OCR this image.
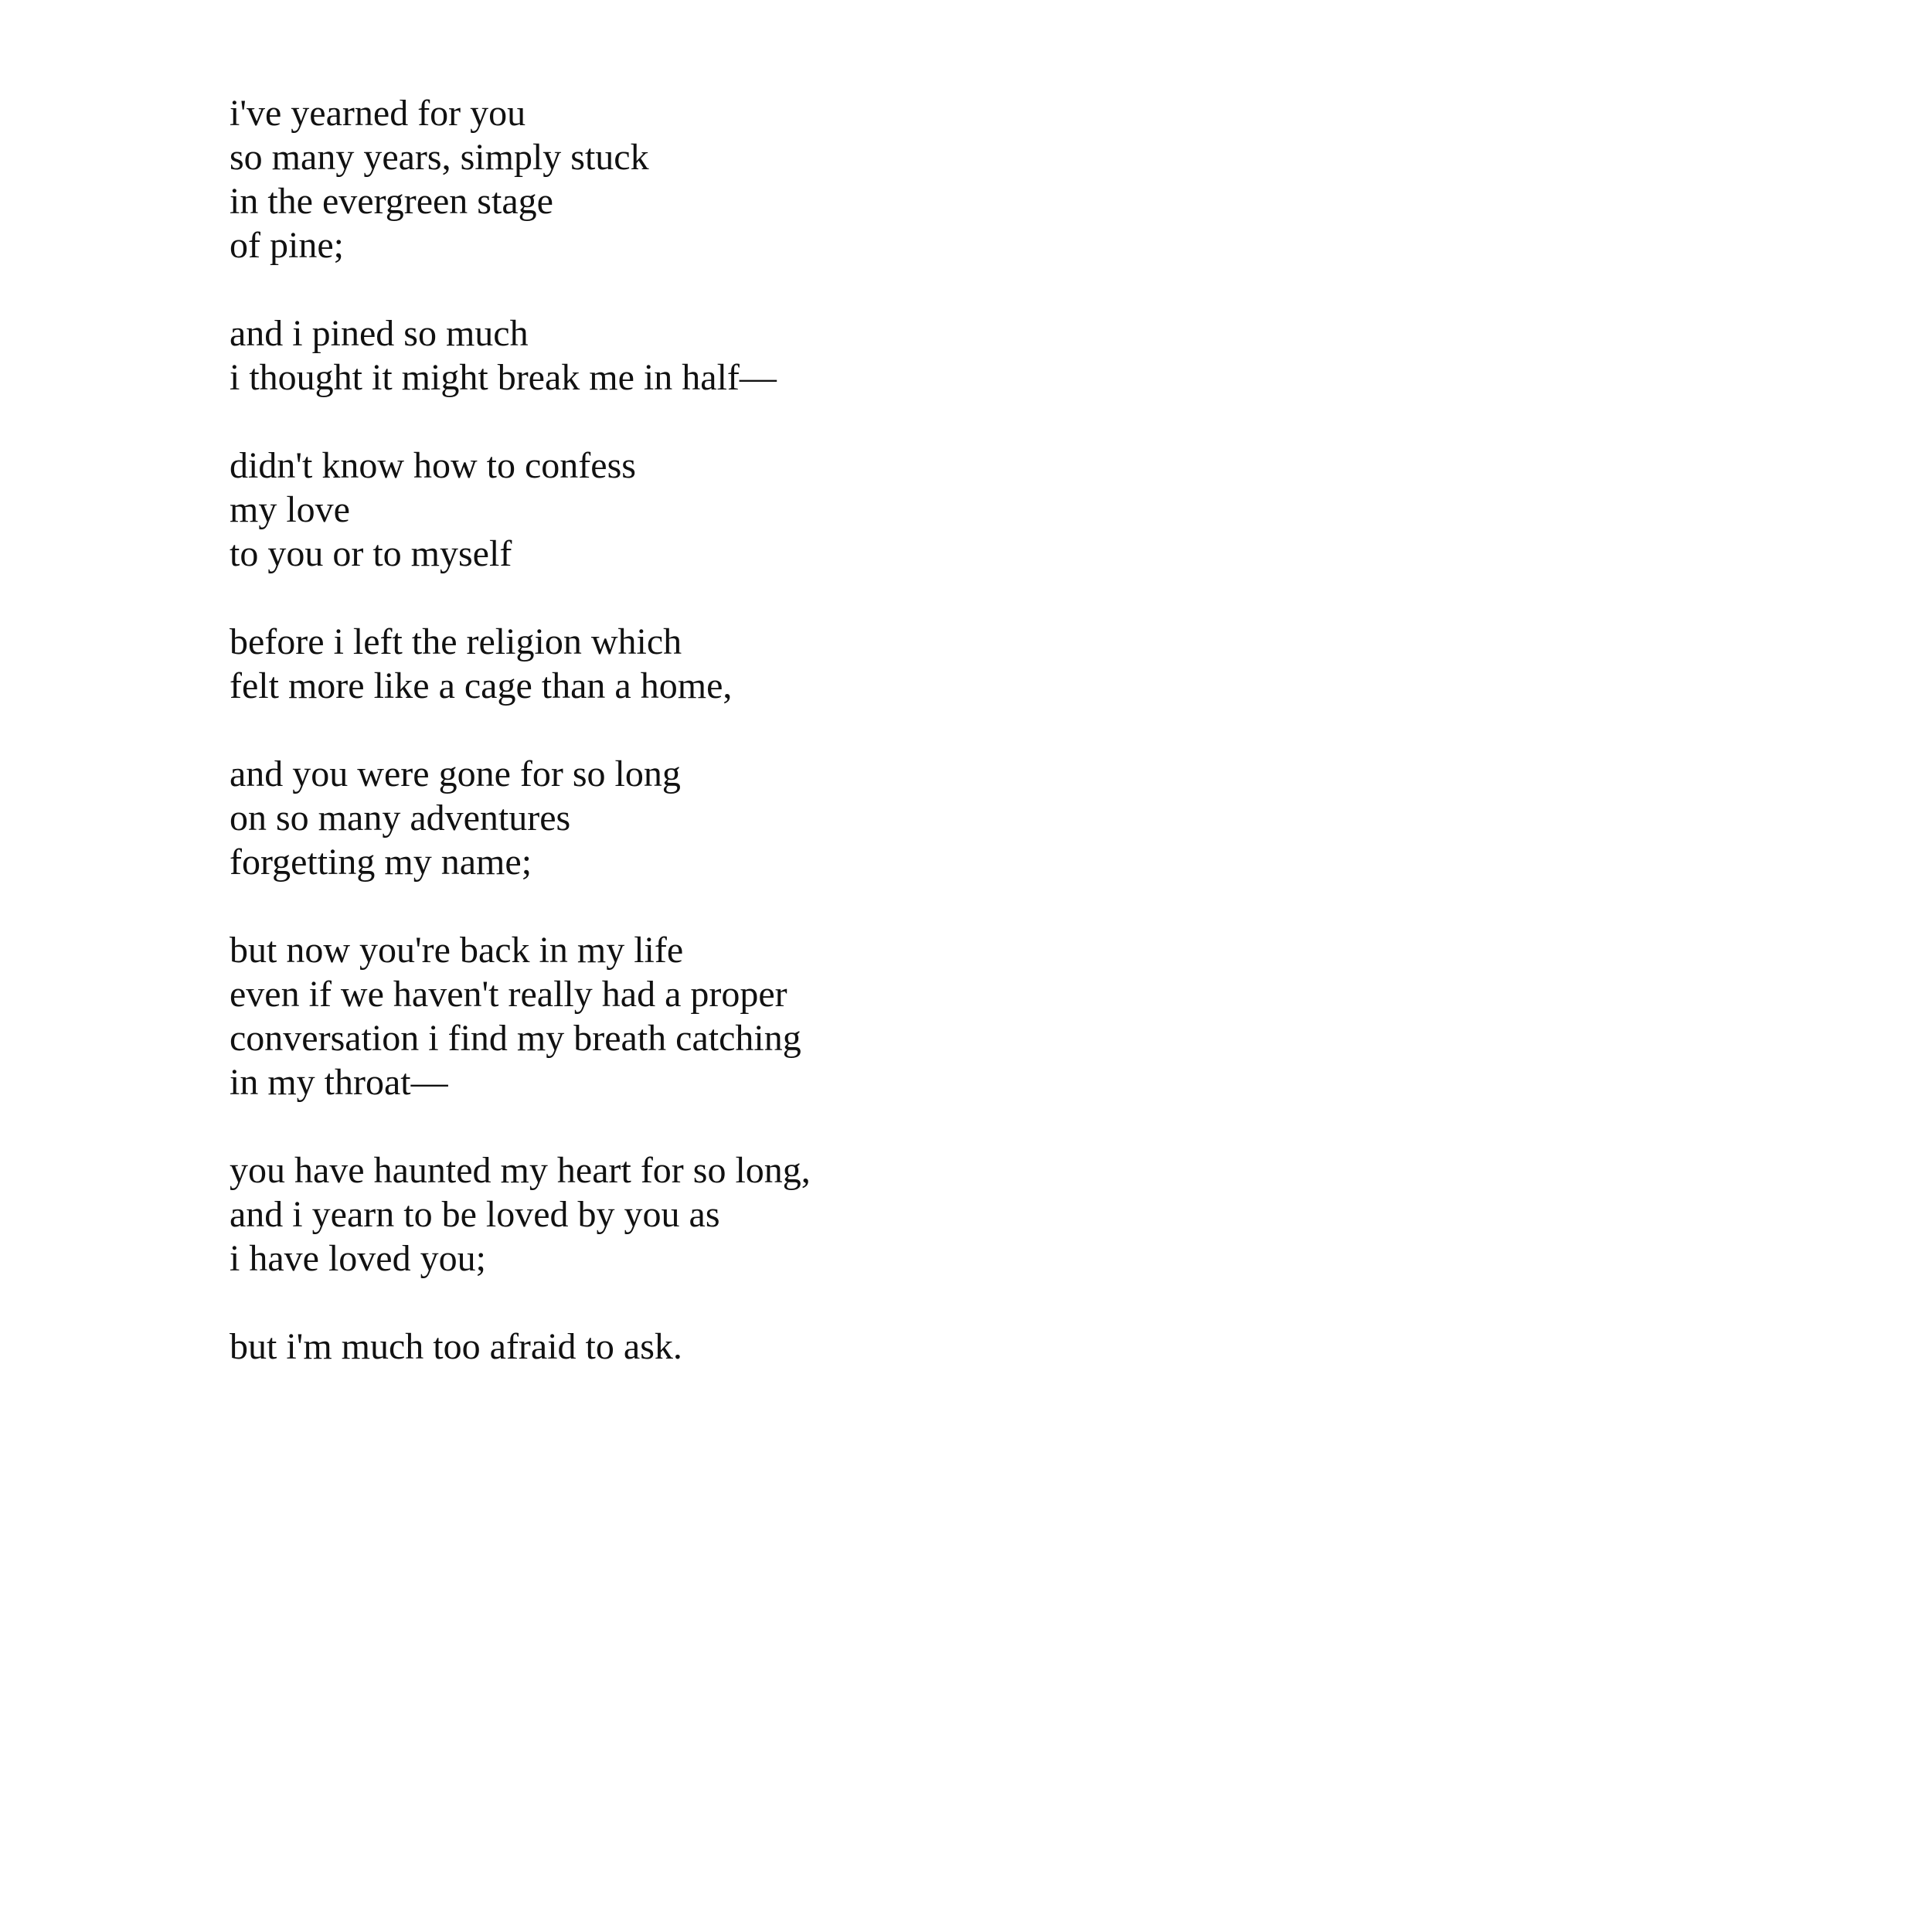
i've yearned for you
so many years, simply stuck
in the evergreen stage
of pine;
and i pined so much
i thought it might break me in half—
didn't know how to confess
my love
to you or to myself
before i left the religion which
felt more like a cage than a home,
and you were gone for so long
on so many adventures
forgetting my name;
but now you're back in my life
even if we haven't really had a proper
conversation i find my breath catching
in my throat—
you have haunted my heart for so long,
and i yearn to be loved by you as
i have loved you;
but i'm much too afraid to ask.
